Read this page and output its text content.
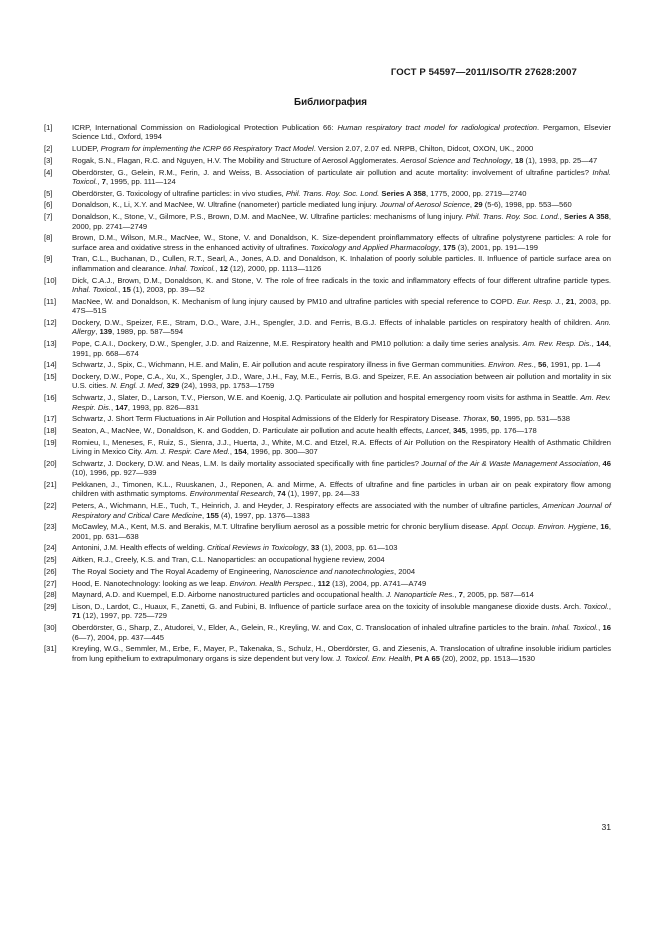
ГОСТ Р 54597—2011/ISO/TR 27628:2007
Библиография
[1]	ICRP, International Commission on Radiological Protection Publication 66: Human respiratory tract model for radiological protection. Pergamon, Elsevier Science Ltd., Oxford, 1994
[2]	LUDEP, Program for implementing the ICRP 66 Respiratory Tract Model. Version 2.07, 2.07 ed. NRPB, Chilton, Didcot, OXON, UK., 2000
[3]	Rogak, S.N., Flagan, R.C. and Nguyen, H.V. The Mobility and Structure of Aerosol Agglomerates. Aerosol Science and Technology, 18 (1), 1993, pp. 25—47
[4]	Oberdörster, G., Gelein, R.M., Ferin, J. and Weiss, B. Association of particulate air pollution and acute mortality: involvement of ultrafine particles? Inhal. Toxicol., 7, 1995, pp. 111—124
[5]	Oberdörster, G. Toxicology of ultrafine particles: in vivo studies, Phil. Trans. Roy. Soc. Lond. Series A 358, 1775, 2000, pp. 2719—2740
[6]	Donaldson, K., Li, X.Y. and MacNee, W. Ultrafine (nanometer) particle mediated lung injury. Journal of Aerosol Science, 29 (5-6), 1998, pp. 553—560
[7]	Donaldson, K., Stone, V., Gilmore, P.S., Brown, D.M. and MacNee, W. Ultrafine particles: mechanisms of lung injury. Phil. Trans. Roy. Soc. Lond., Series A 358, 2000, pp. 2741—2749
[8]	Brown, D.M., Wilson, M.R., MacNee, W., Stone, V. and Donaldson, K. Size-dependent proinflammatory effects of ultrafine polystyrene particles: A role for surface area and oxidative stress in the enhanced activity of ultrafines. Toxicology and Applied Pharmacology, 175 (3), 2001, pp. 191—199
[9]	Tran, C.L., Buchanan, D., Cullen, R.T., Searl, A., Jones, A.D. and Donaldson, K. Inhalation of poorly soluble particles. II. Influence of particle surface area on inflammation and clearance. Inhal. Toxicol., 12 (12), 2000, pp. 1113—1126
[10]	Dick, C.A.J., Brown, D.M., Donaldson, K. and Stone, V. The role of free radicals in the toxic and inflammatory effects of four different ultrafine particle types. Inhal. Toxicol., 15 (1), 2003, pp. 39—52
[11]	MacNee, W. and Donaldson, K. Mechanism of lung injury caused by PM10 and ultrafine particles with special reference to COPD. Eur. Resp. J., 21, 2003, pp. 47S—51S
[12]	Dockery, D.W., Speizer, F.E., Stram, D.O., Ware, J.H., Spengler, J.D. and Ferris, B.G.J. Effects of inhalable particles on respiratory health of children. Ann. Allergy, 139, 1989, pp. 587—594
[13]	Pope, C.A.I., Dockery, D.W., Spengler, J.D. and Raizenne, M.E. Respiratory health and PM10 pollution: a daily time series analysis. Am. Rev. Resp. Dis., 144, 1991, pp. 668—674
[14]	Schwartz, J., Spix, C., Wichmann, H.E. and Malin, E. Air pollution and acute respiratory illness in five German communities. Environ. Res., 56, 1991, pp. 1—4
[15]	Dockery, D.W., Pope, C.A., Xu, X., Spengler, J.D., Ware, J.H., Fay, M.E., Ferris, B.G. and Speizer, F.E. An association between air pollution and mortality in six U.S. cities. N. Engl. J. Med, 329 (24), 1993, pp. 1753—1759
[16]	Schwartz, J., Slater, D., Larson, T.V., Pierson, W.E. and Koenig, J.Q. Particulate air pollution and hospital emergency room visits for asthma in Seattle. Am. Rev. Respir. Dis., 147, 1993, pp. 826—831
[17]	Schwartz, J. Short Term Fluctuations in Air Pollution and Hospital Admissions of the Elderly for Respiratory Disease. Thorax, 50, 1995, pp. 531—538
[18]	Seaton, A., MacNee, W., Donaldson, K. and Godden, D. Particulate air pollution and acute health effects, Lancet, 345, 1995, pp. 176—178
[19]	Romieu, I., Meneses, F., Ruiz, S., Sienra, J.J., Huerta, J., White, M.C. and Etzel, R.A. Effects of Air Pollution on the Respiratory Health of Asthmatic Children Living in Mexico City. Am. J. Respir. Care Med., 154, 1996, pp. 300—307
[20]	Schwartz, J. Dockery, D.W. and Neas, L.M. Is daily mortality associated specifically with fine particles? Journal of the Air & Waste Management Association, 46 (10), 1996, pp. 927—939
[21]	Pekkanen, J., Timonen, K.L., Ruuskanen, J., Reponen, A. and Mirme, A. Effects of ultrafine and fine particles in urban air on peak expiratory flow among children with asthmatic symptoms. Environmental Research, 74 (1), 1997, pp. 24—33
[22]	Peters, A., Wichmann, H.E., Tuch, T., Heinrich, J. and Heyder, J. Respiratory effects are associated with the number of ultrafine particles, American Journal of Respiratory and Critical Care Medicine, 155 (4), 1997, pp. 1376—1383
[23]	McCawley, M.A., Kent, M.S. and Berakis, M.T. Ultrafine beryllium aerosol as a possible metric for chronic beryllium disease. Appl. Occup. Environ. Hygiene, 16, 2001, pp. 631—638
[24]	Antonini, J.M. Health effects of welding. Critical Reviews in Toxicology, 33 (1), 2003, pp. 61—103
[25]	Aitken, R.J., Creely, K.S. and Tran, C.L. Nanoparticles: an occupational hygiene review, 2004
[26]	The Royal Society and The Royal Academy of Engineering, Nanoscience and nanotechnologies, 2004
[27]	Hood, E. Nanotechnology: looking as we leap. Environ. Health Perspec., 112 (13), 2004, pp. A741—A749
[28]	Maynard, A.D. and Kuempel, E.D. Airborne nanostructured particles and occupational health. J. Nanoparticle Res., 7, 2005, pp. 587—614
[29]	Lison, D., Lardot, C., Huaux, F., Zanetti, G. and Fubini, B. Influence of particle surface area on the toxicity of insoluble manganese dioxide dusts. Arch. Toxicol., 71 (12), 1997, pp. 725—729
[30]	Oberdörster, G., Sharp, Z., Atudorei, V., Elder, A., Gelein, R., Kreyling, W. and Cox, C. Translocation of inhaled ultrafine particles to the brain. Inhal. Toxicol., 16 (6—7), 2004, pp. 437—445
[31]	Kreyling, W.G., Semmler, M., Erbe, F., Mayer, P., Takenaka, S., Schulz, H., Oberdörster, G. and Ziesenis, A. Translocation of ultrafine insoluble iridium particles from lung epithelium to extrapulmonary organs is size dependent but very low. J. Toxicol. Env. Health, Pt A 65 (20), 2002, pp. 1513—1530
31
